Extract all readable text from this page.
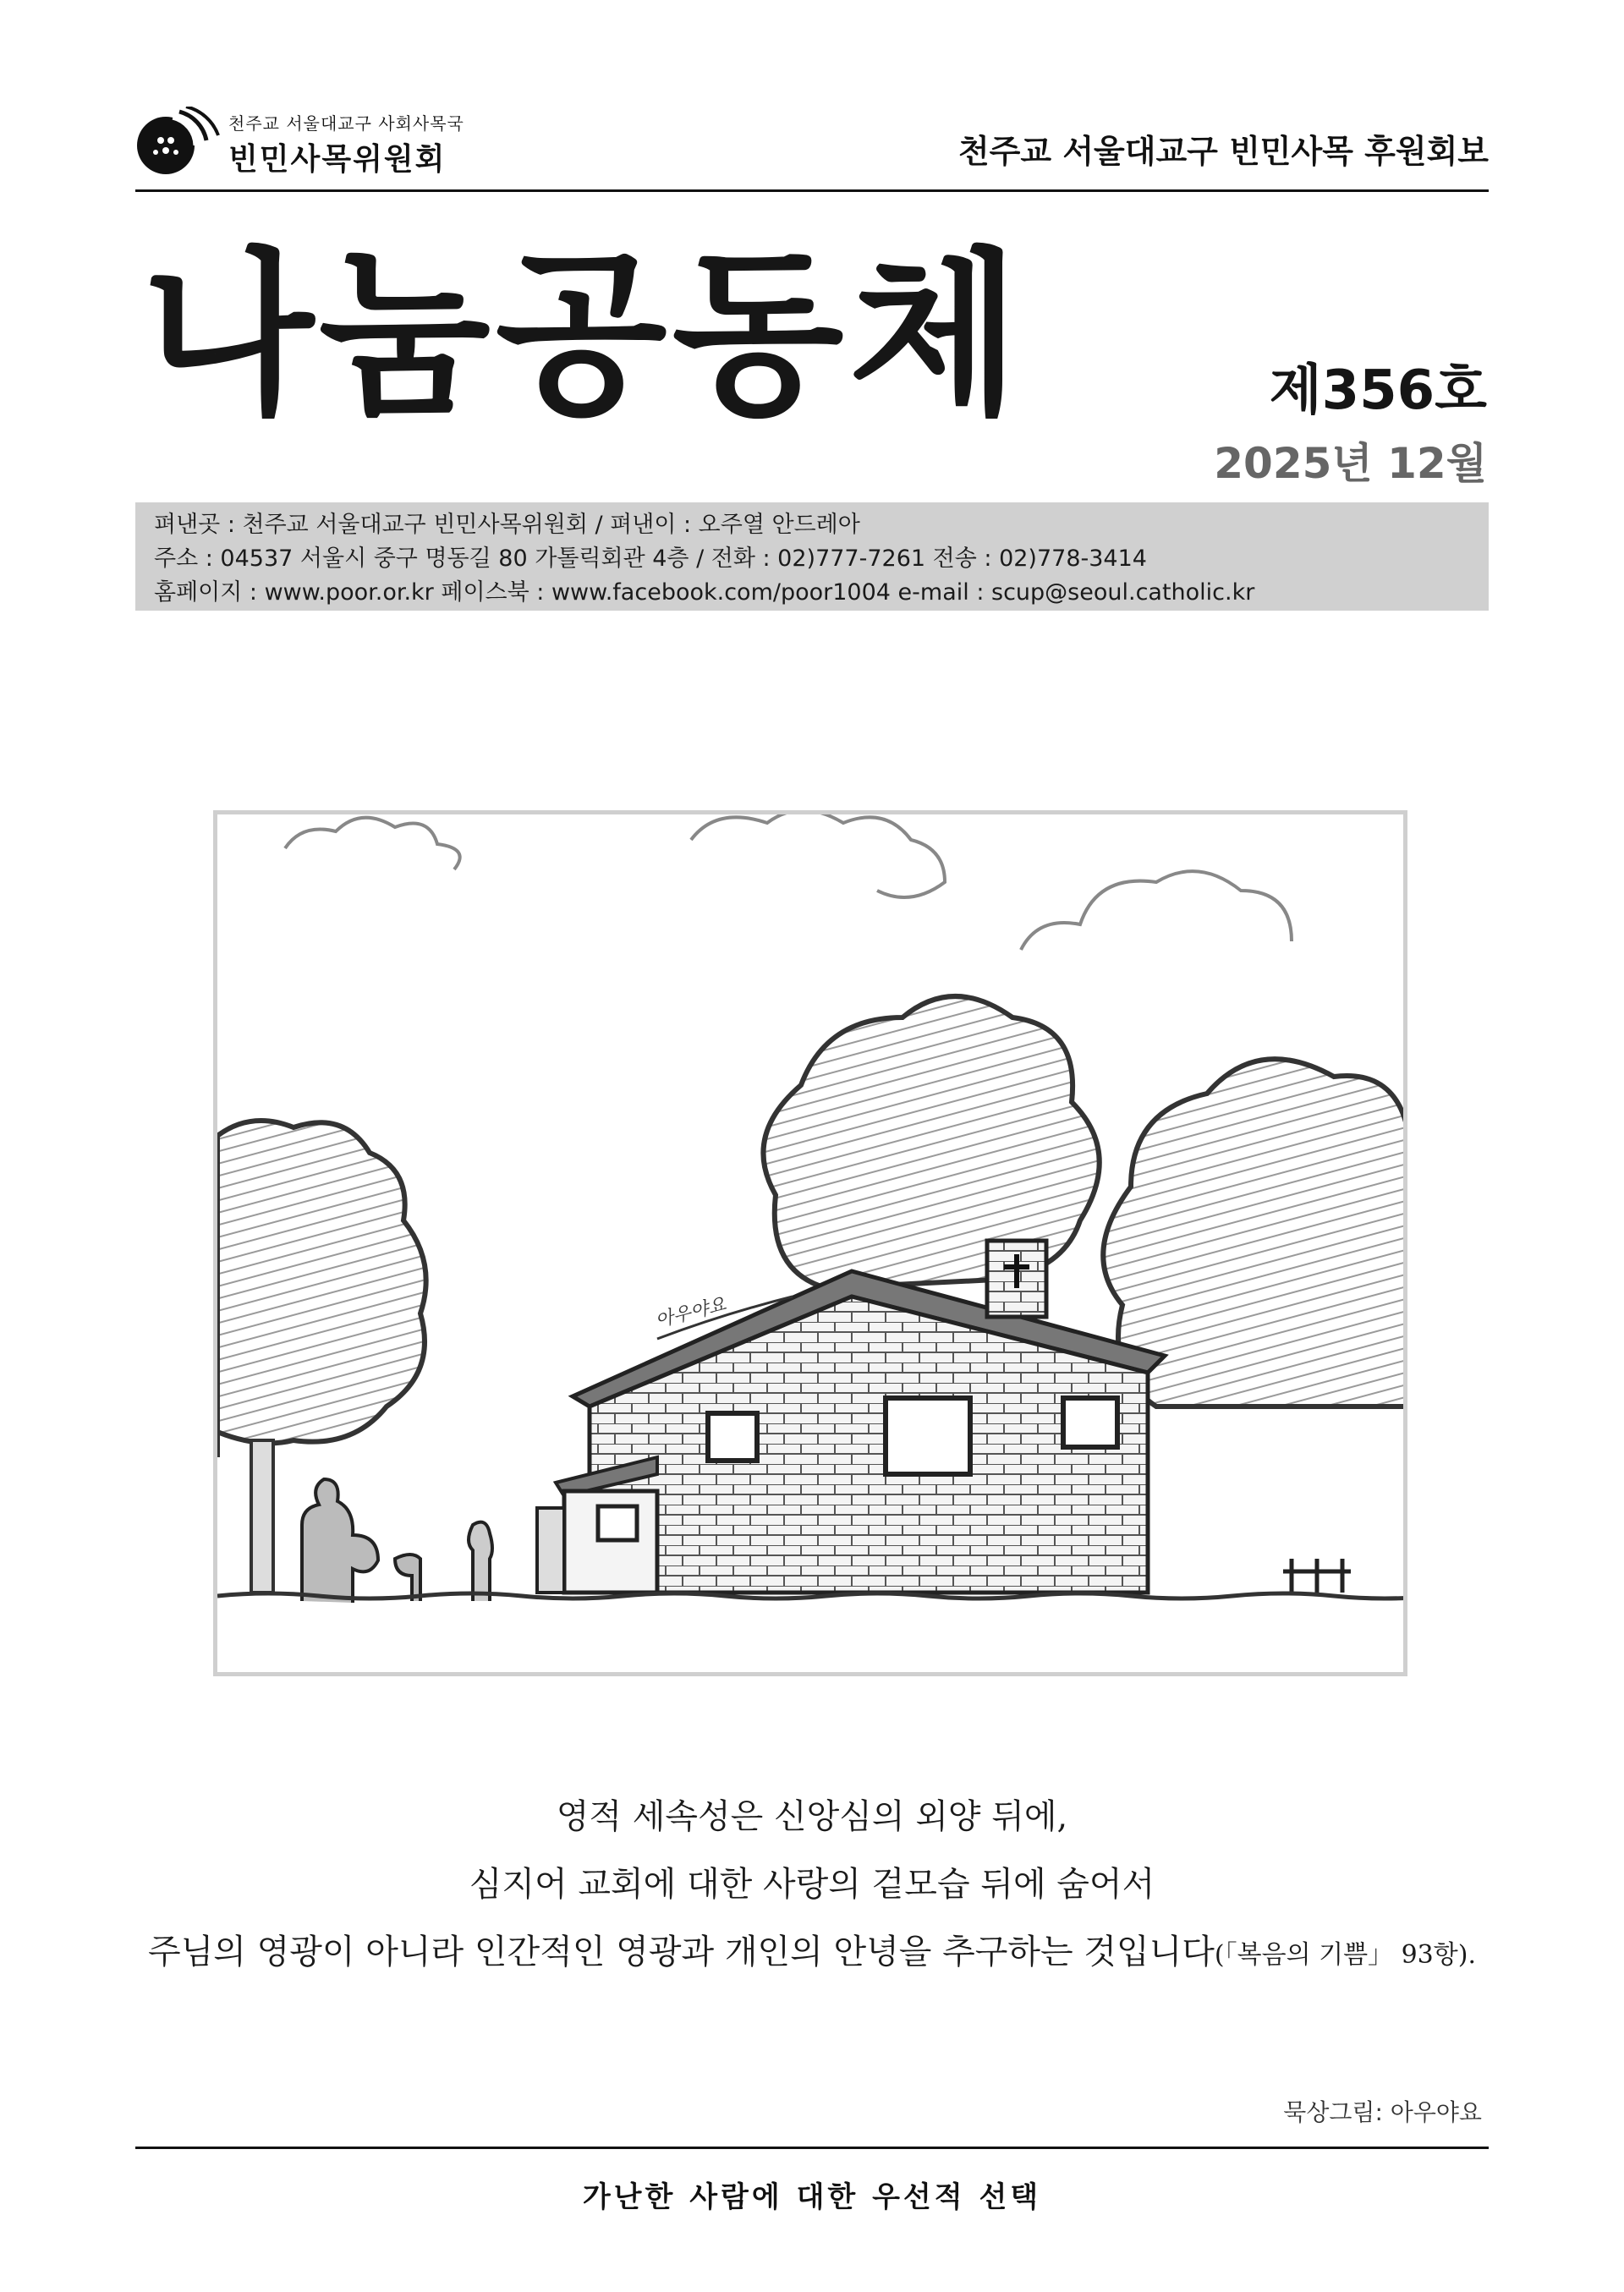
천주교 서울대교구 사회사목국
빈민사목위원회	천주교 서울대교구 빈민사목 후원회보
나눔공동체	제356호
2025년 12월
펴낸곳 : 천주교 서울대교구 빈민사목위원회 / 펴낸이 : 오주열 안드레아
주소 : 04537 서울시 중구 명동길 80 가톨릭회관 4층 / 전화 : 02)777-7261 전송 : 02)778-3414
홈페이지 : www.poor.or.kr 페이스북 : www.facebook.com/poor1004 e-mail : scup@seoul.catholic.kr
아우야요
영적 세속성은 신앙심의 외양 뒤에,
심지어 교회에 대한 사랑의 겉모습 뒤에 숨어서
주님의 영광이 아니라 인간적인 영광과 개인의 안녕을 추구하는 것입니다(「복음의 기쁨」 93항).
묵상그림: 아우야요
가난한 사람에 대한 우선적 선택
